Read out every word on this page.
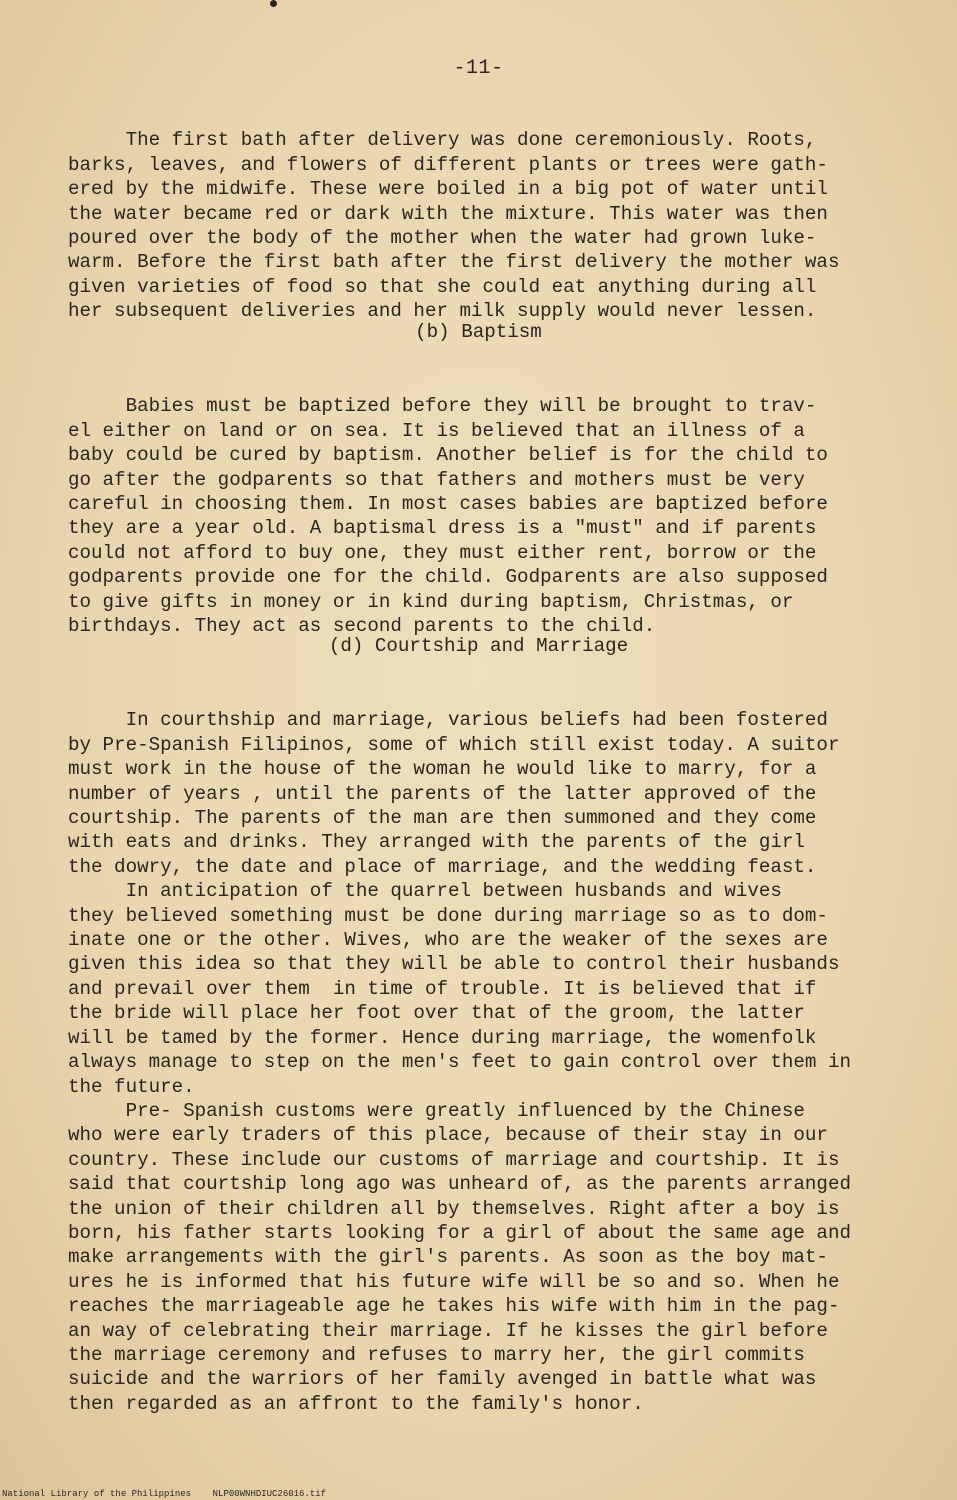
-11-

The first bath after delivery was done ceremoniously. Roots,
barks, leaves, and flowers of different plants or trees were gath-
ered by the midwife. These were boiled in a big pot of water until
the water became red or dark with the mixture. This water was then
poured over the body of the mother when the water had grown luke-
warm. Before the first bath after the first delivery the mother was
given varieties of food so that she could eat anything during all
her subsequent deliveries and her milk supply would never lessen.

(b) Baptism

Babies must be baptized before they will be brought to trav-
el either on land or on sea. It is believed that an illness of a
baby could be cured by baptism. Another belief is for the child to
go after the godparents so that fathers and mothers must be very
careful in choosing them. In most cases babies are baptized before
they are a year old. A baptismal dress is a "must" and if parents
could not afford to buy one, they must either rent, borrow or the
godparents provide one for the child. Godparents are also supposed
to give gifts in money or in kind during baptism, Christmas, or
birthdays. They act as second parents to the child.

(d) Courtship and Marriage

In courthship and marriage, various beliefs had been fostered
by Pre-Spanish Filipinos, some of which still exist today. A suitor
must work in the house of the woman he would like to marry, for a
number of years , until the parents of the latter approved of the
courtship. The parents of the man are then summoned and they come
with eats and drinks. They arranged with the parents of the girl
the dowry, the date and place of marriage, and the wedding feast.
In anticipation of the quarrel between husbands and wives
they believed something must be done during marriage so as to dom-
inate one or the other. Wives, who are the weaker of the sexes are
given this idea so that they will be able to control their husbands
and prevail over them  in time of trouble. It is believed that if
the bride will place her foot over that of the groom, the latter
will be tamed by the former. Hence during marriage, the womenfolk
always manage to step on the men's feet to gain control over them in
the future.
Pre- Spanish customs were greatly influenced by the Chinese
who were early traders of this place, because of their stay in our
country. These include our customs of marriage and courtship. It is
said that courtship long ago was unheard of, as the parents arranged
the union of their children all by themselves. Right after a boy is
born, his father starts looking for a girl of about the same age and
make arrangements with the girl's parents. As soon as the boy mat-
ures he is informed that his future wife will be so and so. When he
reaches the marriageable age he takes his wife with him in the pag-
an way of celebrating their marriage. If he kisses the girl before
the marriage ceremony and refuses to marry her, the girl commits
suicide and the warriors of her family avenged in battle what was
then regarded as an affront to the family's honor.

National Library of the Philippines NLP00WNHDIUC26016.tif
